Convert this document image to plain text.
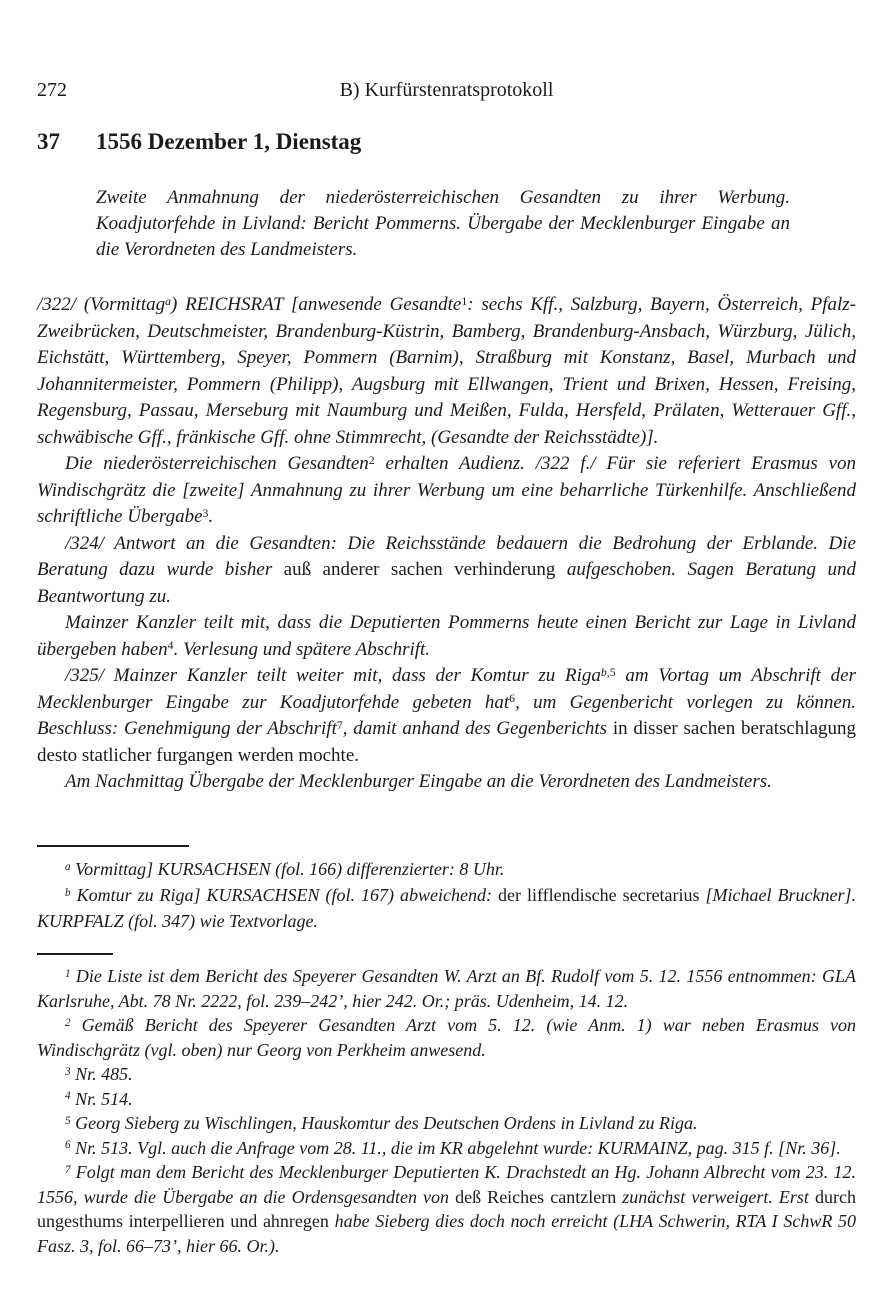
272	B) Kurfürstenratsprotokoll
37	1556 Dezember 1, Dienstag
Zweite Anmahnung der niederösterreichischen Gesandten zu ihrer Werbung. Koadjutorfehde in Livland: Bericht Pommerns. Übergabe der Mecklenburger Eingabe an die Verordneten des Landmeisters.

/322/ (Vormittag$^a$) REICHSRAT [anwesende Gesandte$^1$: sechs Kff., Salzburg, Bayern, Österreich, Pfalz-Zweibrücken, Deutschmeister, Brandenburg-Küstrin, Bamberg, Brandenburg-Ansbach, Würzburg, Jülich, Eichstätt, Württemberg, Speyer, Pommern (Barnim), Straßburg mit Konstanz, Basel, Murbach und Johannitermeister, Pommern (Philipp), Augsburg mit Ellwangen, Trient und Brixen, Hessen, Freising, Regensburg, Passau, Merseburg mit Naumburg und Meißen, Fulda, Hersfeld, Prälaten, Wetterauer Gff., schwäbische Gff., fränkische Gff. ohne Stimmrecht, (Gesandte der Reichsstädte)].

Die niederösterreichischen Gesandten$^2$ erhalten Audienz. /322 f./ Für sie referiert Erasmus von Windischgrätz die [zweite] Anmahnung zu ihrer Werbung um eine beharrliche Türkenhilfe. Anschließend schriftliche Übergabe$^3$.

/324/ Antwort an die Gesandten: Die Reichsstände bedauern die Bedrohung der Erblande. Die Beratung dazu wurde bisher auß anderer sachen verhinderung aufgeschoben. Sagen Beratung und Beantwortung zu.

Mainzer Kanzler teilt mit, dass die Deputierten Pommerns heute einen Bericht zur Lage in Livland übergeben haben$^4$. Verlesung und spätere Abschrift.

/325/ Mainzer Kanzler teilt weiter mit, dass der Komtur zu Riga$^{b,5}$ am Vortag um Abschrift der Mecklenburger Eingabe zur Koadjutorfehde gebeten hat$^6$, um Gegenbericht vorlegen zu können. Beschluss: Genehmigung der Abschrift$^7$, damit anhand des Gegenberichts in disser sachen beratschlagung desto statlicher furgangen werden mochte.

Am Nachmittag Übergabe der Mecklenburger Eingabe an die Verordneten des Landmeisters.

$^a$ Vormittag] KURSACHSEN (fol. 166) differenzierter: 8 Uhr.

$^b$ Komtur zu Riga] KURSACHSEN (fol. 167) abweichend: der lifflendische secretarius [Michael Bruckner]. KURPFALZ (fol. 347) wie Textvorlage.

$^1$ Die Liste ist dem Bericht des Speyerer Gesandten W. Arzt an Bf. Rudolf vom 5. 12. 1556 entnommen: GLA Karlsruhe, Abt. 78 Nr. 2222, fol. 239–242’, hier 242. Or.; präs. Udenheim, 14. 12.

$^2$ Gemäß Bericht des Speyerer Gesandten Arzt vom 5. 12. (wie Anm. 1) war neben Erasmus von Windischgrätz (vgl. oben) nur Georg von Perkheim anwesend.

$^3$ Nr. 485.

$^4$ Nr. 514.

$^5$ Georg Sieberg zu Wischlingen, Hauskomtur des Deutschen Ordens in Livland zu Riga.

$^6$ Nr. 513. Vgl. auch die Anfrage vom 28. 11., die im KR abgelehnt wurde: KURMAINZ, pag. 315 f. [Nr. 36].

$^7$ Folgt man dem Bericht des Mecklenburger Deputierten K. Drachstedt an Hg. Johann Albrecht vom 23. 12. 1556, wurde die Übergabe an die Ordensgesandten von deß Reiches cantzlern zunächst verweigert. Erst durch ungesthums interpellieren und ahnregen habe Sieberg dies doch noch erreicht (LHA Schwerin, RTA I SchwR 50 Fasz. 3, fol. 66–73’, hier 66. Or.).
